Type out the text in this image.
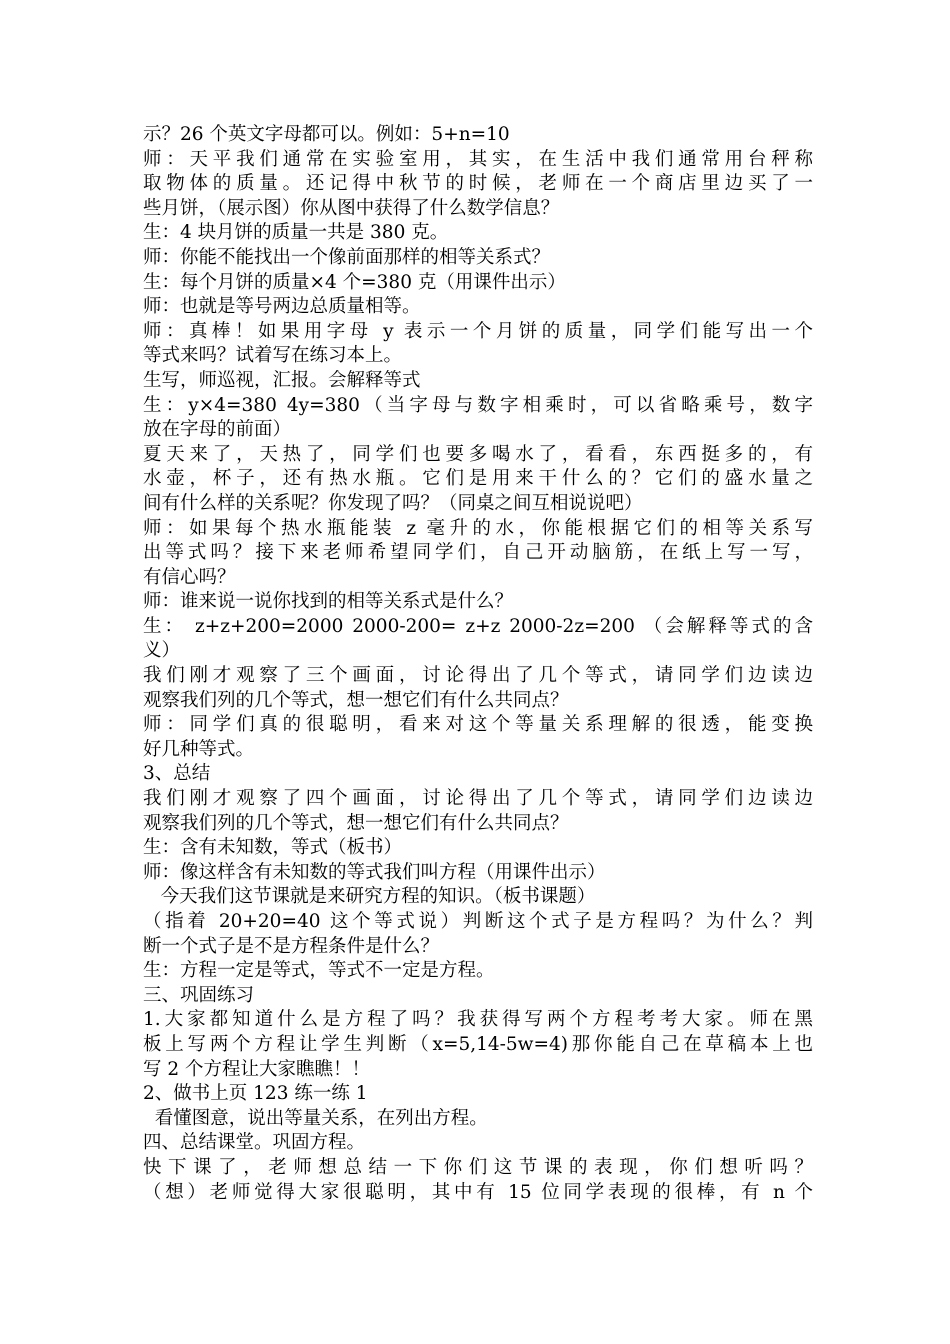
示？26 个英文字母都可以。例如：5+n=10
师：天平我们通常在实验室用，其实，在生活中我们通常用台秤称
取物体的质量。还记得中秋节的时候，老师在一个商店里边买了一
些月饼，（展示图）你从图中获得了什么数学信息？
生：4 块月饼的质量一共是 380 克。
师：你能不能找出一个像前面那样的相等关系式？
生：每个月饼的质量×4 个=380 克（用课件出示）
师：也就是等号两边总质量相等。
师：真棒！如果用字母 y 表示一个月饼的质量，同学们能写出一个
等式来吗？试着写在练习本上。
生写，师巡视，汇报。会解释等式
生：y×4=380 4y=380（当字母与数字相乘时，可以省略乘号，数字
放在字母的前面）
夏天来了，天热了，同学们也要多喝水了，看看，东西挺多的，有
水壶，杯子，还有热水瓶。它们是用来干什么的？它们的盛水量之
间有什么样的关系呢？你发现了吗？（同桌之间互相说说吧）
师：如果每个热水瓶能装 z 毫升的水，你能根据它们的相等关系写
出等式吗？接下来老师希望同学们，自己开动脑筋，在纸上写一写，
有信心吗？
师：谁来说一说你找到的相等关系式是什么？
生： z+z+200=2000 2000-200= z+z 2000-2z=200 （会解释等式的含
义）
我们刚才观察了三个画面，讨论得出了几个等式，请同学们边读边
观察我们列的几个等式，想一想它们有什么共同点？
师：同学们真的很聪明，看来对这个等量关系理解的很透，能变换
好几种等式。
3、总结
我们刚才观察了四个画面，讨论得出了几个等式，请同学们边读边
观察我们列的几个等式，想一想它们有什么共同点？
生：含有未知数，等式（板书）
师：像这样含有未知数的等式我们叫方程（用课件出示）
今天我们这节课就是来研究方程的知识。（板书课题）
（指着 20+20=40 这个等式说）判断这个式子是方程吗？为什么？判
断一个式子是不是方程条件是什么？
生：方程一定是等式，等式不一定是方程。
三、巩固练习
1.大家都知道什么是方程了吗？我获得写两个方程考考大家。师在黑
板上写两个方程让学生判断（x=5,14-5w=4)那你能自己在草稿本上也
写 2 个方程让大家瞧瞧！！
2、做书上页 123 练一练 1
看懂图意，说出等量关系，在列出方程。
四、总结课堂。巩固方程。
快下课了，老师想总结一下你们这节课的表现，你们想听吗？
（想）老师觉得大家很聪明，其中有 15 位同学表现的很棒，有 n 个
